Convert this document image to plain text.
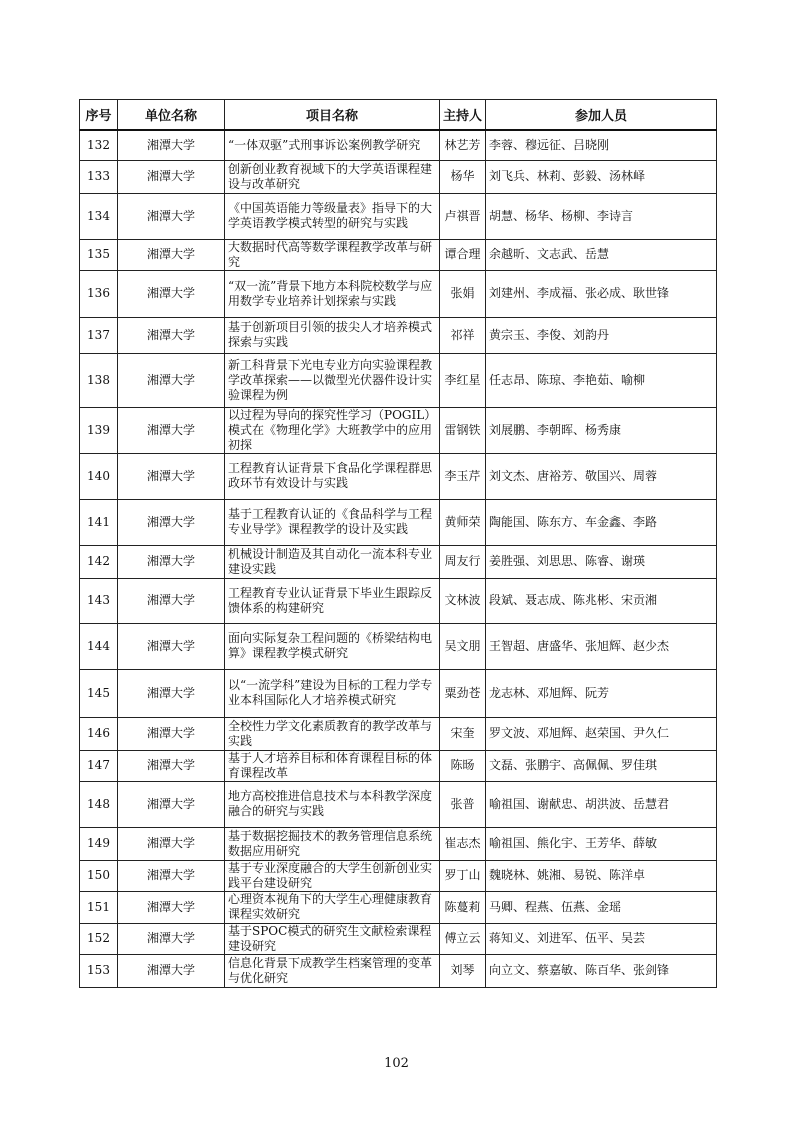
序号	单位名称	项目名称	主持人	参加人员
132	湘潭大学	“一体双驱”式刑事诉讼案例教学研究	林艺芳	李蓉、穆远征、吕晓刚
133	湘潭大学	创新创业教育视域下的大学英语课程建设与改革研究	杨华	刘飞兵、林莉、彭毅、汤林峄
134	湘潭大学	《中国英语能力等级量表》指导下的大学英语教学模式转型的研究与实践	卢祺晋	胡慧、杨华、杨柳、李诗言
135	湘潭大学	大数据时代高等数学课程教学改革与研究	谭合理	余越昕、文志武、岳慧
136	湘潭大学	“双一流”背景下地方本科院校数学与应用数学专业培养计划探索与实践	张娟	刘建州、李成福、张必成、耿世锋
137	湘潭大学	基于创新项目引领的拔尖人才培养模式探索与实践	祁祥	黄宗玉、李俊、刘韵丹
138	湘潭大学	新工科背景下光电专业方向实验课程教学改革探索——以微型光伏器件设计实验课程为例	李红星	任志昂、陈琼、李艳茹、喻柳
139	湘潭大学	以过程为导向的探究性学习（POGIL）模式在《物理化学》大班教学中的应用初探	雷钢铁	刘展鹏、李朝晖、杨秀康
140	湘潭大学	工程教育认证背景下食品化学课程群思政环节有效设计与实践	李玉芹	刘文杰、唐裕芳、敬国兴、周蓉
141	湘潭大学	基于工程教育认证的《食品科学与工程专业导学》课程教学的设计及实践	黄师荣	陶能国、陈东方、车金鑫、李路
142	湘潭大学	机械设计制造及其自动化一流本科专业建设实践	周友行	姜胜强、刘思思、陈睿、谢瑛
143	湘潭大学	工程教育专业认证背景下毕业生跟踪反馈体系的构建研究	文林波	段斌、聂志成、陈兆彬、宋贡湘
144	湘潭大学	面向实际复杂工程问题的《桥梁结构电算》课程教学模式研究	吴文朋	王智超、唐盛华、张旭辉、赵少杰
145	湘潭大学	以“一流学科”建设为目标的工程力学专业本科国际化人才培养模式研究	粟劲苍	龙志林、邓旭辉、阮芳
146	湘潭大学	全校性力学文化素质教育的教学改革与实践	宋奎	罗文波、邓旭辉、赵荣国、尹久仁
147	湘潭大学	基于人才培养目标和体育课程目标的体育课程改革	陈旸	文磊、张鹏宇、高佩佩、罗佳琪
148	湘潭大学	地方高校推进信息技术与本科教学深度融合的研究与实践	张普	喻祖国、谢献忠、胡洪波、岳慧君
149	湘潭大学	基于数据挖掘技术的教务管理信息系统数据应用研究	崔志杰	喻祖国、熊化宇、王芳华、薛敏
150	湘潭大学	基于专业深度融合的大学生创新创业实践平台建设研究	罗丁山	魏晓林、姚湘、易锐、陈洋卓
151	湘潭大学	心理资本视角下的大学生心理健康教育课程实效研究	陈蔓莉	马卿、程燕、伍燕、金瑶
152	湘潭大学	基于SPOC模式的研究生文献检索课程建设研究	傅立云	蒋知义、刘进军、伍平、吴芸
153	湘潭大学	信息化背景下成教学生档案管理的变革与优化研究	刘琴	向立文、蔡嘉敏、陈百华、张剑锋
102
